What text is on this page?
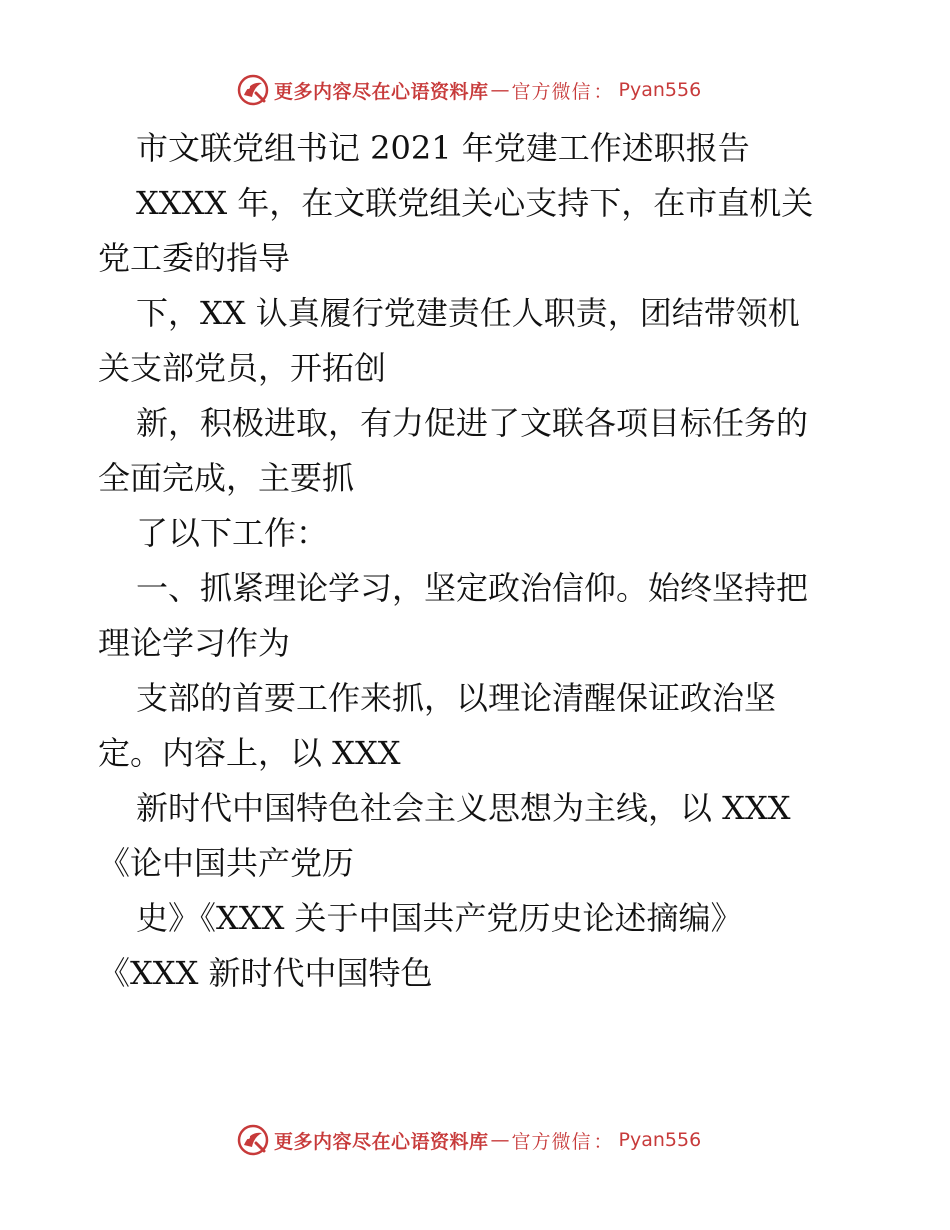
更多内容尽在心语资料库 — 官方微信 ： Pyan556
市文联党组书记 2021 年党建工作述职报告
XXXX 年，在文联党组关心支持下，在市直机关
党工委的指导
下，XX 认真履行党建责任人职责，团结带领机
关支部党员，开拓创
新，积极进取，有力促进了文联各项目标任务的
全面完成，主要抓
了以下工作：
一、抓紧理论学习，坚定政治信仰。始终坚持把
理论学习作为
支部的首要工作来抓，以理论清醒保证政治坚
定。内容上，以 XXX
新时代中国特色社会主义思想为主线，以 XXX
《论中国共产党历
史》《XXX 关于中国共产党历史论述摘编》
《XXX 新时代中国特色
更多内容尽在心语资料库 — 官方微信 ： Pyan556
